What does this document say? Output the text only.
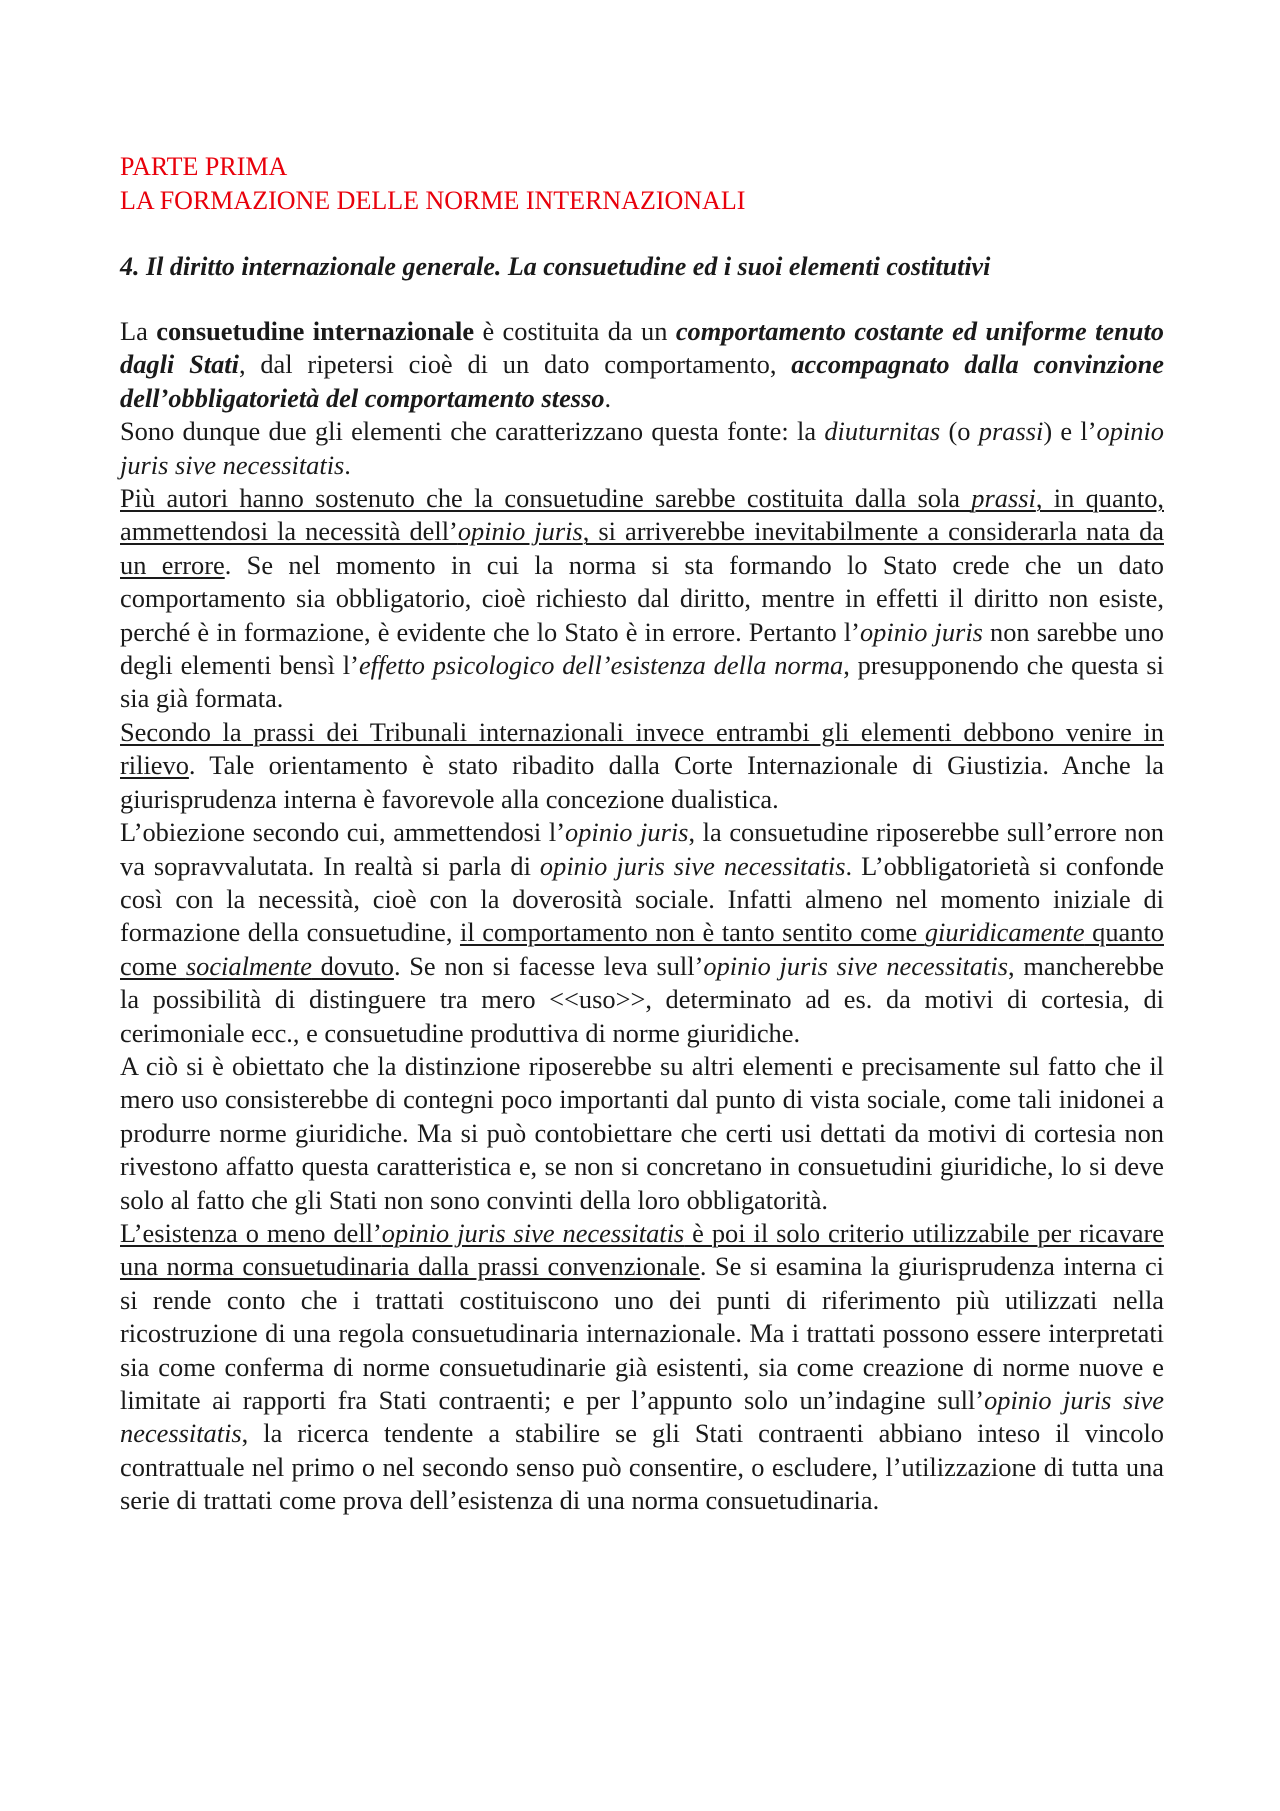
PARTE PRIMA
LA FORMAZIONE DELLE NORME INTERNAZIONALI
4. Il diritto internazionale generale. La consuetudine ed i suoi elementi costitutivi

La consuetudine internazionale è costituita da un comportamento costante ed uniforme tenuto dagli Stati, dal ripetersi cioè di un dato comportamento, accompagnato dalla convinzione dell’obbligatorietà del comportamento stesso.

Sono dunque due gli elementi che caratterizzano questa fonte: la diuturnitas (o prassi) e l’opinio juris sive necessitatis.

Più autori hanno sostenuto che la consuetudine sarebbe costituita dalla sola prassi, in quanto, ammettendosi la necessità dell’opinio juris, si arriverebbe inevitabilmente a considerarla nata da un errore. Se nel momento in cui la norma si sta formando lo Stato crede che un dato comportamento sia obbligatorio, cioè richiesto dal diritto, mentre in effetti il diritto non esiste, perché è in formazione, è evidente che lo Stato è in errore. Pertanto l’opinio juris non sarebbe uno degli elementi bensì l’effetto psicologico dell’esistenza della norma, presupponendo che questa si sia già formata.

Secondo la prassi dei Tribunali internazionali invece entrambi gli elementi debbono venire in rilievo. Tale orientamento è stato ribadito dalla Corte Internazionale di Giustizia. Anche la giurisprudenza interna è favorevole alla concezione dualistica.

L’obiezione secondo cui, ammettendosi l’opinio juris, la consuetudine riposerebbe sull’errore non va sopravvalutata. In realtà si parla di opinio juris sive necessitatis. L’obbligatorietà si confonde così con la necessità, cioè con la doverosità sociale. Infatti almeno nel momento iniziale di formazione della consuetudine, il comportamento non è tanto sentito come giuridicamente quanto come socialmente dovuto. Se non si facesse leva sull’opinio juris sive necessitatis, mancherebbe la possibilità di distinguere tra mero <<uso>>, determinato ad es. da motivi di cortesia, di cerimoniale ecc., e consuetudine produttiva di norme giuridiche.

A ciò si è obiettato che la distinzione riposerebbe su altri elementi e precisamente sul fatto che il mero uso consisterebbe di contegni poco importanti dal punto di vista sociale, come tali inidonei a produrre norme giuridiche. Ma si può contobiettare che certi usi dettati da motivi di cortesia non rivestono affatto questa caratteristica e, se non si concretano in consuetudini giuridiche, lo si deve solo al fatto che gli Stati non sono convinti della loro obbligatorità.

L’esistenza o meno dell’opinio juris sive necessitatis è poi il solo criterio utilizzabile per ricavare una norma consuetudinaria dalla prassi convenzionale. Se si esamina la giurisprudenza interna ci si rende conto che i trattati costituiscono uno dei punti di riferimento più utilizzati nella ricostruzione di una regola consuetudinaria internazionale. Ma i trattati possono essere interpretati sia come conferma di norme consuetudinarie già esistenti, sia come creazione di norme nuove e limitate ai rapporti fra Stati contraenti; e per l’appunto solo un’indagine sull’opinio juris sive necessitatis, la ricerca tendente a stabilire se gli Stati contraenti abbiano inteso il vincolo contrattuale nel primo o nel secondo senso può consentire, o escludere, l’utilizzazione di tutta una serie di trattati come prova dell’esistenza di una norma consuetudinaria.
